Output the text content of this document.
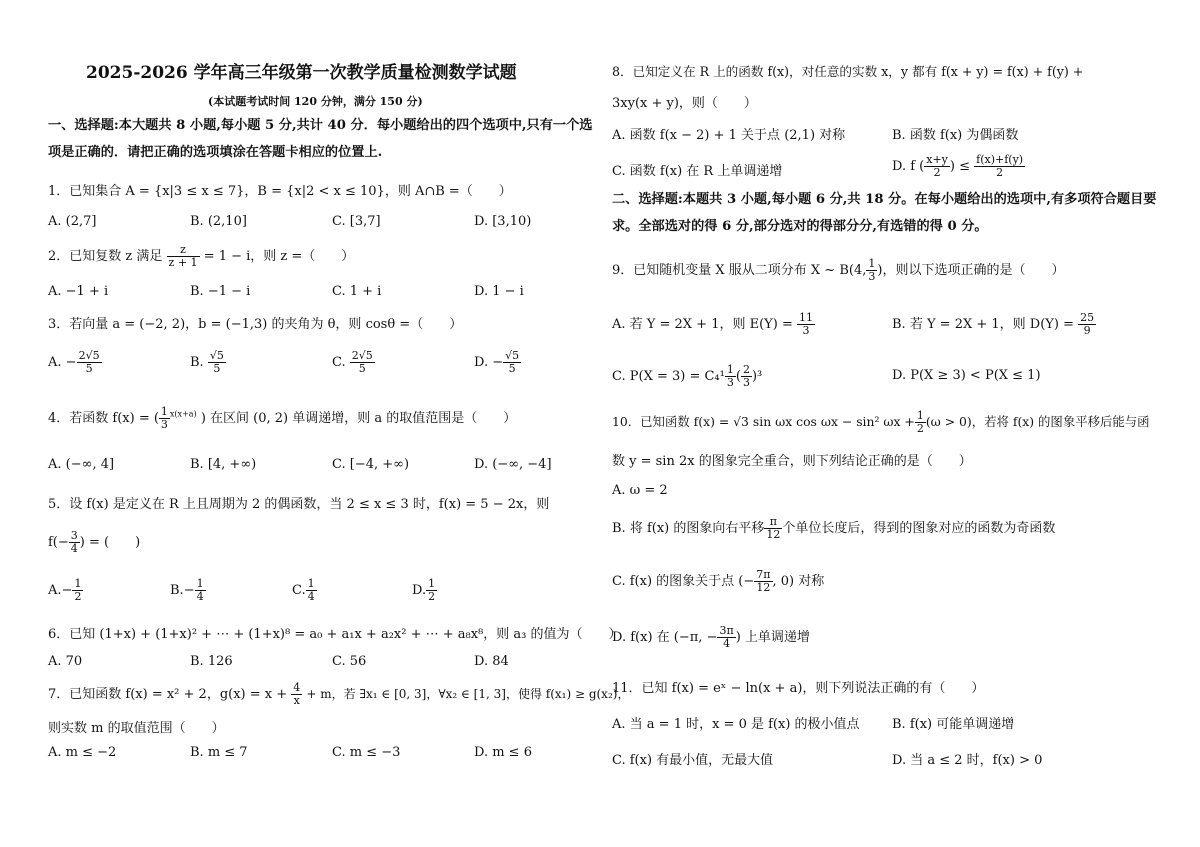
2025-2026 学年高三年级第一次教学质量检测数学试题
(本试题考试时间 120 分钟，满分 150 分)
一、选择题:本大题共 8 小题,每小题 5 分,共计 40 分．每小题给出的四个选项中,只有一个选项是正确的．请把正确的选项填涂在答题卡相应的位置上.
1．已知集合 A = {x|3 ≤ x ≤ 7}，B = {x|2 < x ≤ 10}，则 A∩B =（　　）
A. (2,7]	B. (2,10]	C. [3,7]	D. [3,10)
2．已知复数 z 满足 $\frac{z}{z + 1} = 1 - i$，则 z =（　　）
A. −1 + i	B. −1 − i	C. 1 + i	D. 1 − i
3．若向量 a = (−2, 2)，b = (−1,3) 的夹角为 θ，则 cosθ =（　　）
A. − $\frac{2√5}{5}$	B. $\frac{√5}{5}$	C. $\frac{2√5}{5}$	D. − $\frac{√5}{5}$
4．若函数 f(x) = ( $\frac{1}{3} ^{x(x+a)}$ ) 在区间 (0, 2) 单调递增，则 a 的取值范围是（　　）
A. (−∞, 4]	B. [4, +∞)	C. [−4, +∞)	D. (−∞, −4]
5．设 f(x) 是定义在 R 上且周期为 2 的偶函数，当 2 ≤ x ≤ 3 时，f(x) = 5 − 2x，则
$f(- \frac{3}{4}$ ) = (　　)
$A.- \frac{1}{2}$	$B.- \frac{1}{4}$	C. $\frac{1}{4}$	D. $\frac{1}{2}$
6．已知 (1+x) + (1+x)² + ⋯ + (1+x)⁸ = a₀ + a₁x + a₂x² + ⋯ + a₈x⁸，则 a₃ 的值为（　　）
A. 70	B. 126	C. 56	D. 84
7．已知函数 f(x) = x² + 2，$g(x) = x + \frac{4}{x} + m$，若 ∃x₁ ∈ [0, 3]，∀x₂ ∈ [1, 3]，使得 f(x₁) ≥ g(x₂)，
则实数 m 的取值范围（　　）
A. m ≤ −2	B. m ≤ 7	C. m ≤ −3	D. m ≤ 6
8．已知定义在 R 上的函数 f(x)，对任意的实数 x，y 都有 f(x + y) = f(x) + f(y) +
3xy(x + y)，则（　　）
A. 函数 f(x − 2) + 1 关于点 (2,1) 对称	B. 函数 f(x) 为偶函数
C. 函数 f(x) 在 R 上单调递增	D. f ( $\frac{x+y}{2}$ ) ≤ $\frac{f(x)+f(y)}{2}$
二、选择题:本题共 3 小题,每小题 6 分,共 18 分。在每小题给出的选项中,有多项符合题目要求。全部选对的得 6 分,部分选对的得部分分,有选错的得 0 分。
9．已知随机变量 X 服从二项分布 X ~ B(4, $\frac{1}{3}$ )，则以下选项正确的是（　　）
A. 若 Y = 2X + 1，则 $E(Y) = \frac{11}{3}$	B. 若 Y = 2X + 1，则 $D(Y) = \frac{25}{9}$
C. $P(X = 3) = C_4^1 \frac{1}{3}$ ( $\frac{2}{3} )^3$	D. P(X ≥ 3) < P(X ≤ 1)
10．已知函数 f(x) = √3 sin ωx cos ωx − sin² $\omega x + \frac{1}{2} (\omega > 0)$，若将 f(x) 的图象平移后能与函
数 y = sin 2x 的图象完全重合，则下列结论正确的是（　　）
A. ω = 2
B. 将 f(x) 的图象向右平移 $\frac{\pi}{12}$ 个单位长度后，得到的图象对应的函数为奇函数
C. f(x) 的图象关于点 (− $\frac{7\pi}{12}$ , 0) 对称
D. f(x) 在 (−π, − $\frac{3\pi}{4}$ ) 上单调递增
11．已知 f(x) = eˣ − ln(x + a)，则下列说法正确的有（　　）
A. 当 a = 1 时，x = 0 是 f(x) 的极小值点 B. f(x) 可能单调递增
C. f(x) 有最小值，无最大值	D. 当 a ≤ 2 时，f(x) > 0
